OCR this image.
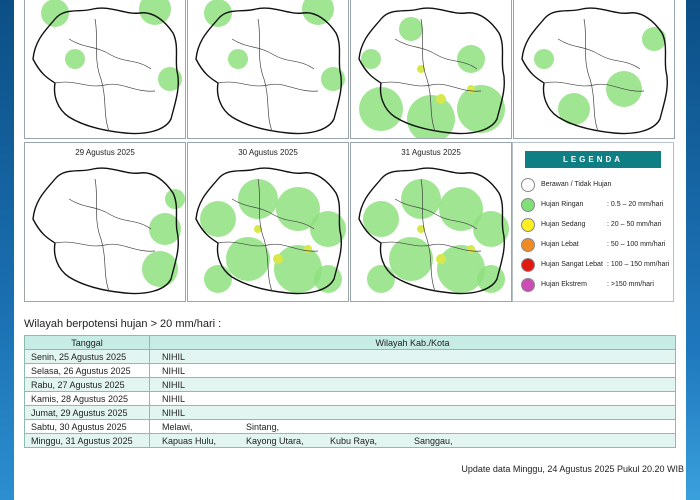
29 Agustus 2025	30 Agustus 2025	31 Agustus 2025
LEGENDA
Berawan / Tidak Hujan
Hujan Ringan	: 0.5 – 20 mm/hari
Hujan Sedang	: 20 – 50 mm/hari
Hujan Lebat	: 50 – 100 mm/hari
Hujan Sangat Lebat : 100 – 150 mm/hari
Hujan Ekstrem	: >150 mm/hari
Wilayah berpotensi hujan > 20 mm/hari :
Tanggal	Wilayah Kab./Kota
Senin, 25 Agustus 2025	NIHIL
Selasa, 26 Agustus 2025	NIHIL
Rabu, 27 Agustus 2025	NIHIL
Kamis, 28 Agustus 2025	NIHIL
Jumat, 29 Agustus 2025	NIHIL
Sabtu, 30 Agustus 2025	Melawi, Sintang,
Minggu, 31 Agustus 2025	Kapuas Hulu, Kayong Utara, Kubu Raya, Sanggau,
Update data Minggu, 24 Agustus 2025 Pukul 20.20 WIB
